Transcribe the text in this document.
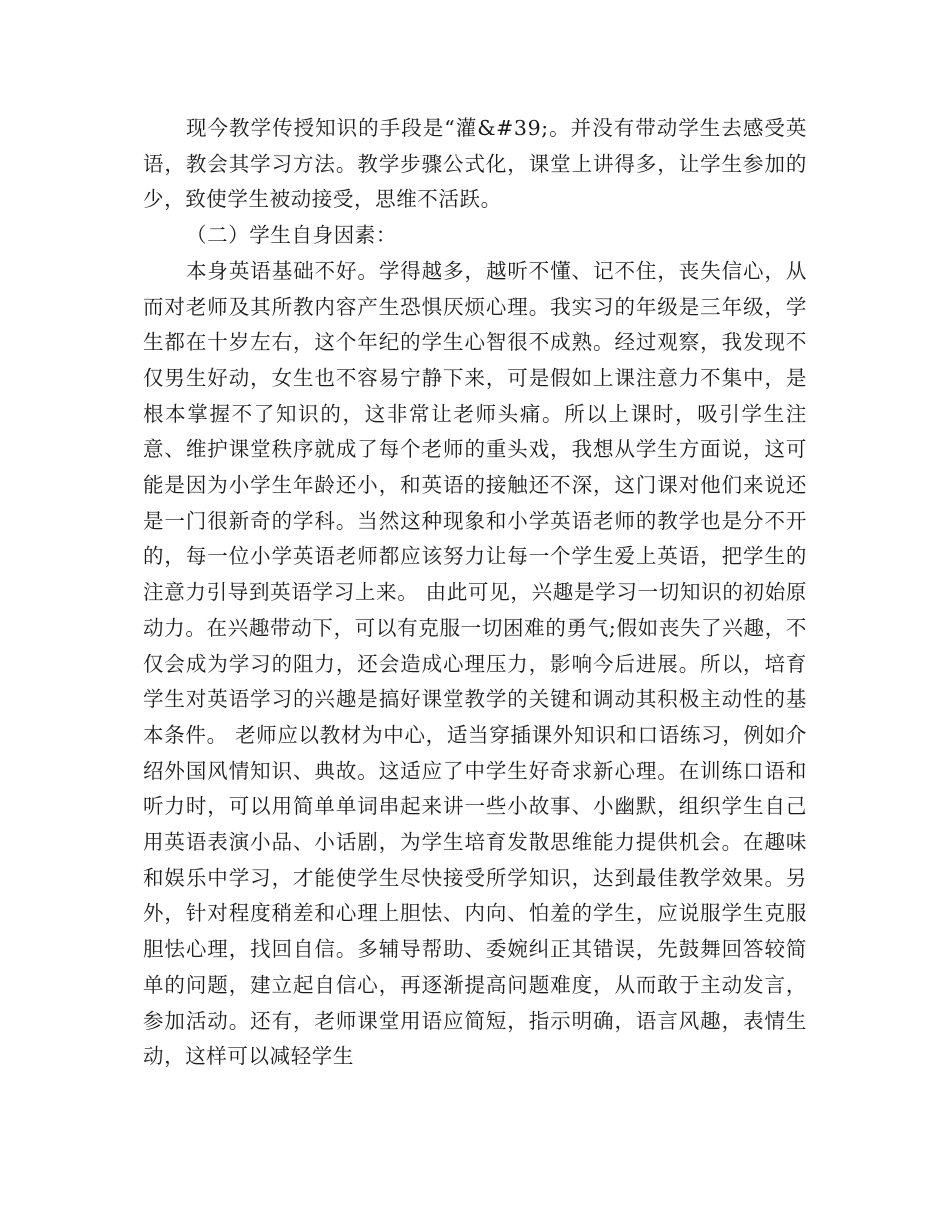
现今教学传授知识的手段是“灌&#39;。并没有带动学生去感受英语，教会其学习方法。教学步骤公式化，课堂上讲得多，让学生参加的少，致使学生被动接受，思维不活跃。

（二）学生自身因素：

本身英语基础不好。学得越多，越听不懂、记不住，丧失信心，从而对老师及其所教内容产生恐惧厌烦心理。我实习的年级是三年级，学生都在十岁左右，这个年纪的学生心智很不成熟。经过观察，我发现不仅男生好动，女生也不容易宁静下来，可是假如上课注意力不集中，是根本掌握不了知识的，这非常让老师头痛。所以上课时，吸引学生注意、维护课堂秩序就成了每个老师的重头戏，我想从学生方面说，这可能是因为小学生年龄还小，和英语的接触还不深，这门课对他们来说还是一门很新奇的学科。当然这种现象和小学英语老师的教学也是分不开的，每一位小学英语老师都应该努力让每一个学生爱上英语，把学生的注意力引导到英语学习上来。 由此可见，兴趣是学习一切知识的初始原动力。在兴趣带动下，可以有克服一切困难的勇气;假如丧失了兴趣，不仅会成为学习的阻力，还会造成心理压力，影响今后进展。所以，培育学生对英语学习的兴趣是搞好课堂教学的关键和调动其积极主动性的基本条件。 老师应以教材为中心，适当穿插课外知识和口语练习，例如介绍外国风情知识、典故。这适应了中学生好奇求新心理。在训练口语和听力时，可以用简单单词串起来讲一些小故事、小幽默，组织学生自己用英语表演小品、小话剧，为学生培育发散思维能力提供机会。在趣味和娱乐中学习，才能使学生尽快接受所学知识，达到最佳教学效果。另外，针对程度稍差和心理上胆怯、内向、怕羞的学生，应说服学生克服胆怯心理，找回自信。多辅导帮助、委婉纠正其错误，先鼓舞回答较简单的问题，建立起自信心，再逐渐提高问题难度，从而敢于主动发言，参加活动。还有，老师课堂用语应简短，指示明确，语言风趣，表情生动，这样可以减轻学生
